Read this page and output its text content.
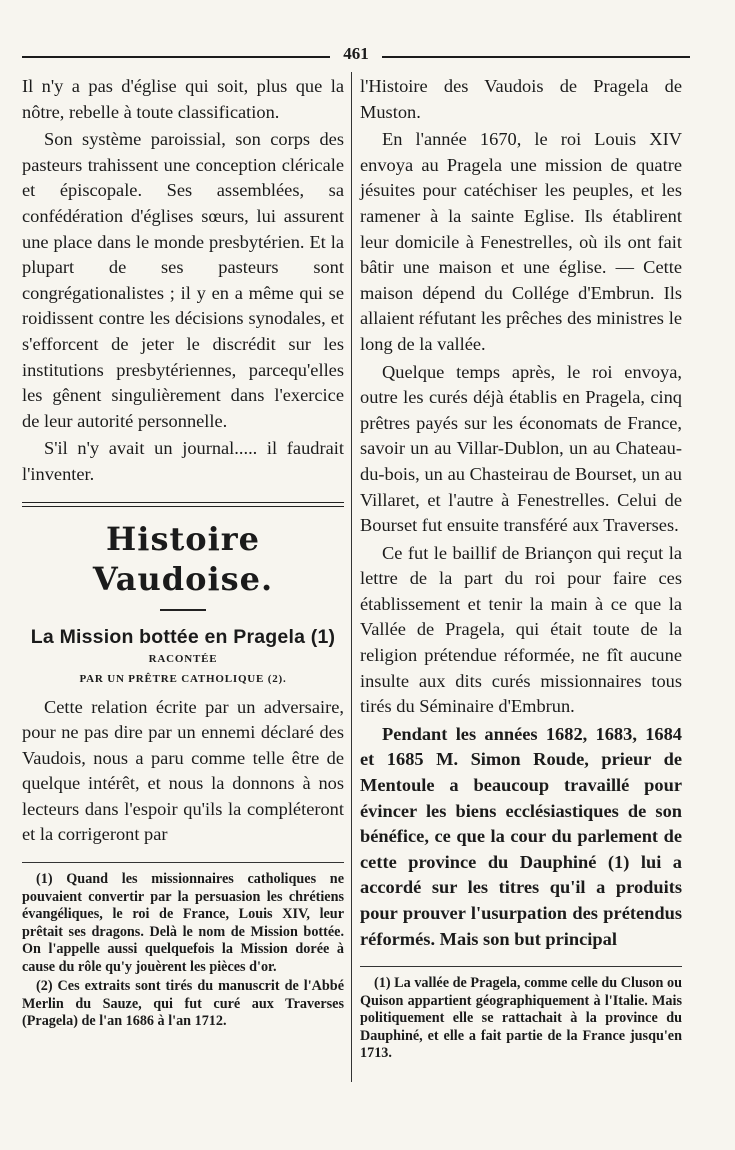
461

Il n'y a pas d'église qui soit, plus que la nôtre, rebelle à toute classification.

Son système paroissial, son corps des pasteurs trahissent une conception cléricale et épiscopale. Ses assemblées, sa confédération d'églises sœurs, lui assurent une place dans le monde presbytérien. Et la plupart de ses pasteurs sont congrégationalistes ; il y en a même qui se roidissent contre les décisions synodales, et s'efforcent de jeter le discrédit sur les institutions presbytériennes, parcequ'elles les gênent singulièrement dans l'exercice de leur autorité personnelle.

S'il n'y avait un journal..... il faudrait l'inventer.

Histoire Vaudoise.
La Mission bottée en Pragela (1)
RACONTÉE
PAR UN PRÊTRE CATHOLIQUE (2).

Cette relation écrite par un adversaire, pour ne pas dire par un ennemi déclaré des Vaudois, nous a paru comme telle être de quelque intérêt, et nous la donnons à nos lecteurs dans l'espoir qu'ils la compléteront et la corrigeront par

(1) Quand les missionnaires catholiques ne pouvaient convertir par la persuasion les chrétiens évangéliques, le roi de France, Louis XIV, leur prêtait ses dragons. Delà le nom de Mission bottée. On l'appelle aussi quelquefois la Mission dorée à cause du rôle qu'y jouèrent les pièces d'or.

(2) Ces extraits sont tirés du manuscrit de l'Abbé Merlin du Sauze, qui fut curé aux Traverses (Pragela) de l'an 1686 à l'an 1712.

l'Histoire des Vaudois de Pragela de Muston.

En l'année 1670, le roi Louis XIV envoya au Pragela une mission de quatre jésuites pour catéchiser les peuples, et les ramener à la sainte Eglise. Ils établirent leur domicile à Fenestrelles, où ils ont fait bâtir une maison et une église. — Cette maison dépend du Collége d'Embrun. Ils allaient réfutant les prêches des ministres le long de la vallée.

Quelque temps après, le roi envoya, outre les curés déjà établis en Pragela, cinq prêtres payés sur les économats de France, savoir un au Villar-Dublon, un au Chateau-du-bois, un au Chasteirau de Bourset, un au Villaret, et l'autre à Fenestrelles. Celui de Bourset fut ensuite transféré aux Traverses.

Ce fut le baillif de Briançon qui reçut la lettre de la part du roi pour faire ces établissement et tenir la main à ce que la Vallée de Pragela, qui était toute de la religion prétendue réformée, ne fît aucune insulte aux dits curés missionnaires tous tirés du Séminaire d'Embrun.

Pendant les années 1682, 1683, 1684 et 1685 M. Simon Roude, prieur de Mentoule a beaucoup travaillé pour évincer les biens ecclésiastiques de son bénéfice, ce que la cour du parlement de cette province du Dauphiné (1) lui a accordé sur les titres qu'il a produits pour prouver l'usurpation des prétendus réformés. Mais son but principal

(1) La vallée de Pragela, comme celle du Cluson ou Quison appartient géographiquement à l'Italie. Mais politiquement elle se rattachait à la province du Dauphiné, et elle a fait partie de la France jusqu'en 1713.
